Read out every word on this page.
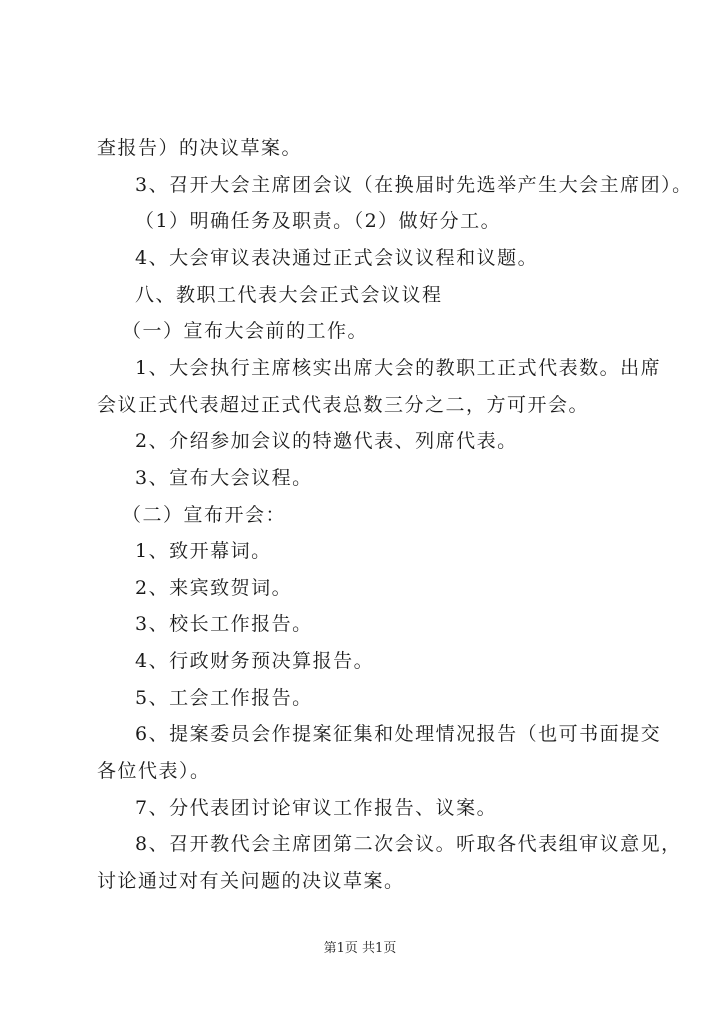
查报告）的决议草案。
3、召开大会主席团会议（在换届时先选举产生大会主席团）。
（1）明确任务及职责。（2）做好分工。
4、大会审议表决通过正式会议议程和议题。
八、教职工代表大会正式会议议程
（一）宣布大会前的工作。
1、大会执行主席核实出席大会的教职工正式代表数。出席
会议正式代表超过正式代表总数三分之二，方可开会。
2、介绍参加会议的特邀代表、列席代表。
3、宣布大会议程。
（二）宣布开会：
1、致开幕词。
2、来宾致贺词。
3、校长工作报告。
4、行政财务预决算报告。
5、工会工作报告。
6、提案委员会作提案征集和处理情况报告（也可书面提交
各位代表）。
7、分代表团讨论审议工作报告、议案。
8、召开教代会主席团第二次会议。听取各代表组审议意见，
讨论通过对有关问题的决议草案。
第1页 共1页
